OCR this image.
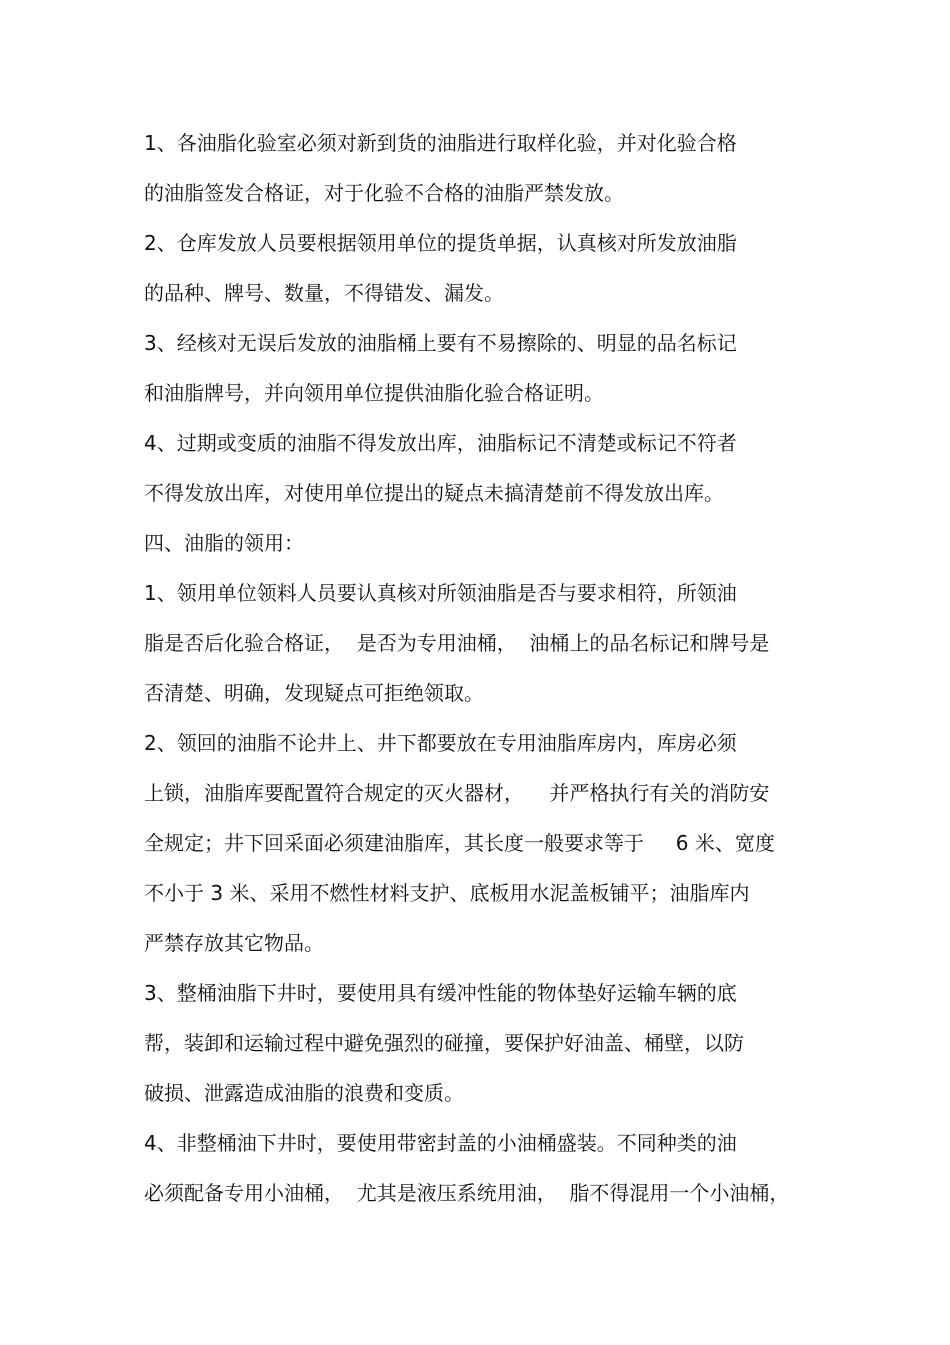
1、各油脂化验室必须对新到货的油脂进行取样化验，并对化验合格
的油脂签发合格证，对于化验不合格的油脂严禁发放。
2、仓库发放人员要根据领用单位的提货单据，认真核对所发放油脂
的品种、牌号、数量，不得错发、漏发。
3、经核对无误后发放的油脂桶上要有不易擦除的、明显的品名标记
和油脂牌号，并向领用单位提供油脂化验合格证明。
4、过期或变质的油脂不得发放出库，油脂标记不清楚或标记不符者
不得发放出库，对使用单位提出的疑点未搞清楚前不得发放出库。
四、油脂的领用：
1、领用单位领料人员要认真核对所领油脂是否与要求相符，所领油
脂是否后化验合格证，  是否为专用油桶，  油桶上的品名标记和牌号是
否清楚、明确，发现疑点可拒绝领取。
2、领回的油脂不论井上、井下都要放在专用油脂库房内，库房必须
上锁，油脂库要配置符合规定的灭火器材，    并严格执行有关的消防安
全规定；井下回采面必须建油脂库，其长度一般要求等于     6 米、宽度
不小于 3 米、采用不燃性材料支护、底板用水泥盖板铺平；油脂库内
严禁存放其它物品。
3、整桶油脂下井时，要使用具有缓冲性能的物体垫好运输车辆的底
帮，装卸和运输过程中避免强烈的碰撞，要保护好油盖、桶壁，以防
破损、泄露造成油脂的浪费和变质。
4、非整桶油下井时，要使用带密封盖的小油桶盛装。不同种类的油
必须配备专用小油桶，  尤其是液压系统用油，  脂不得混用一个小油桶，
